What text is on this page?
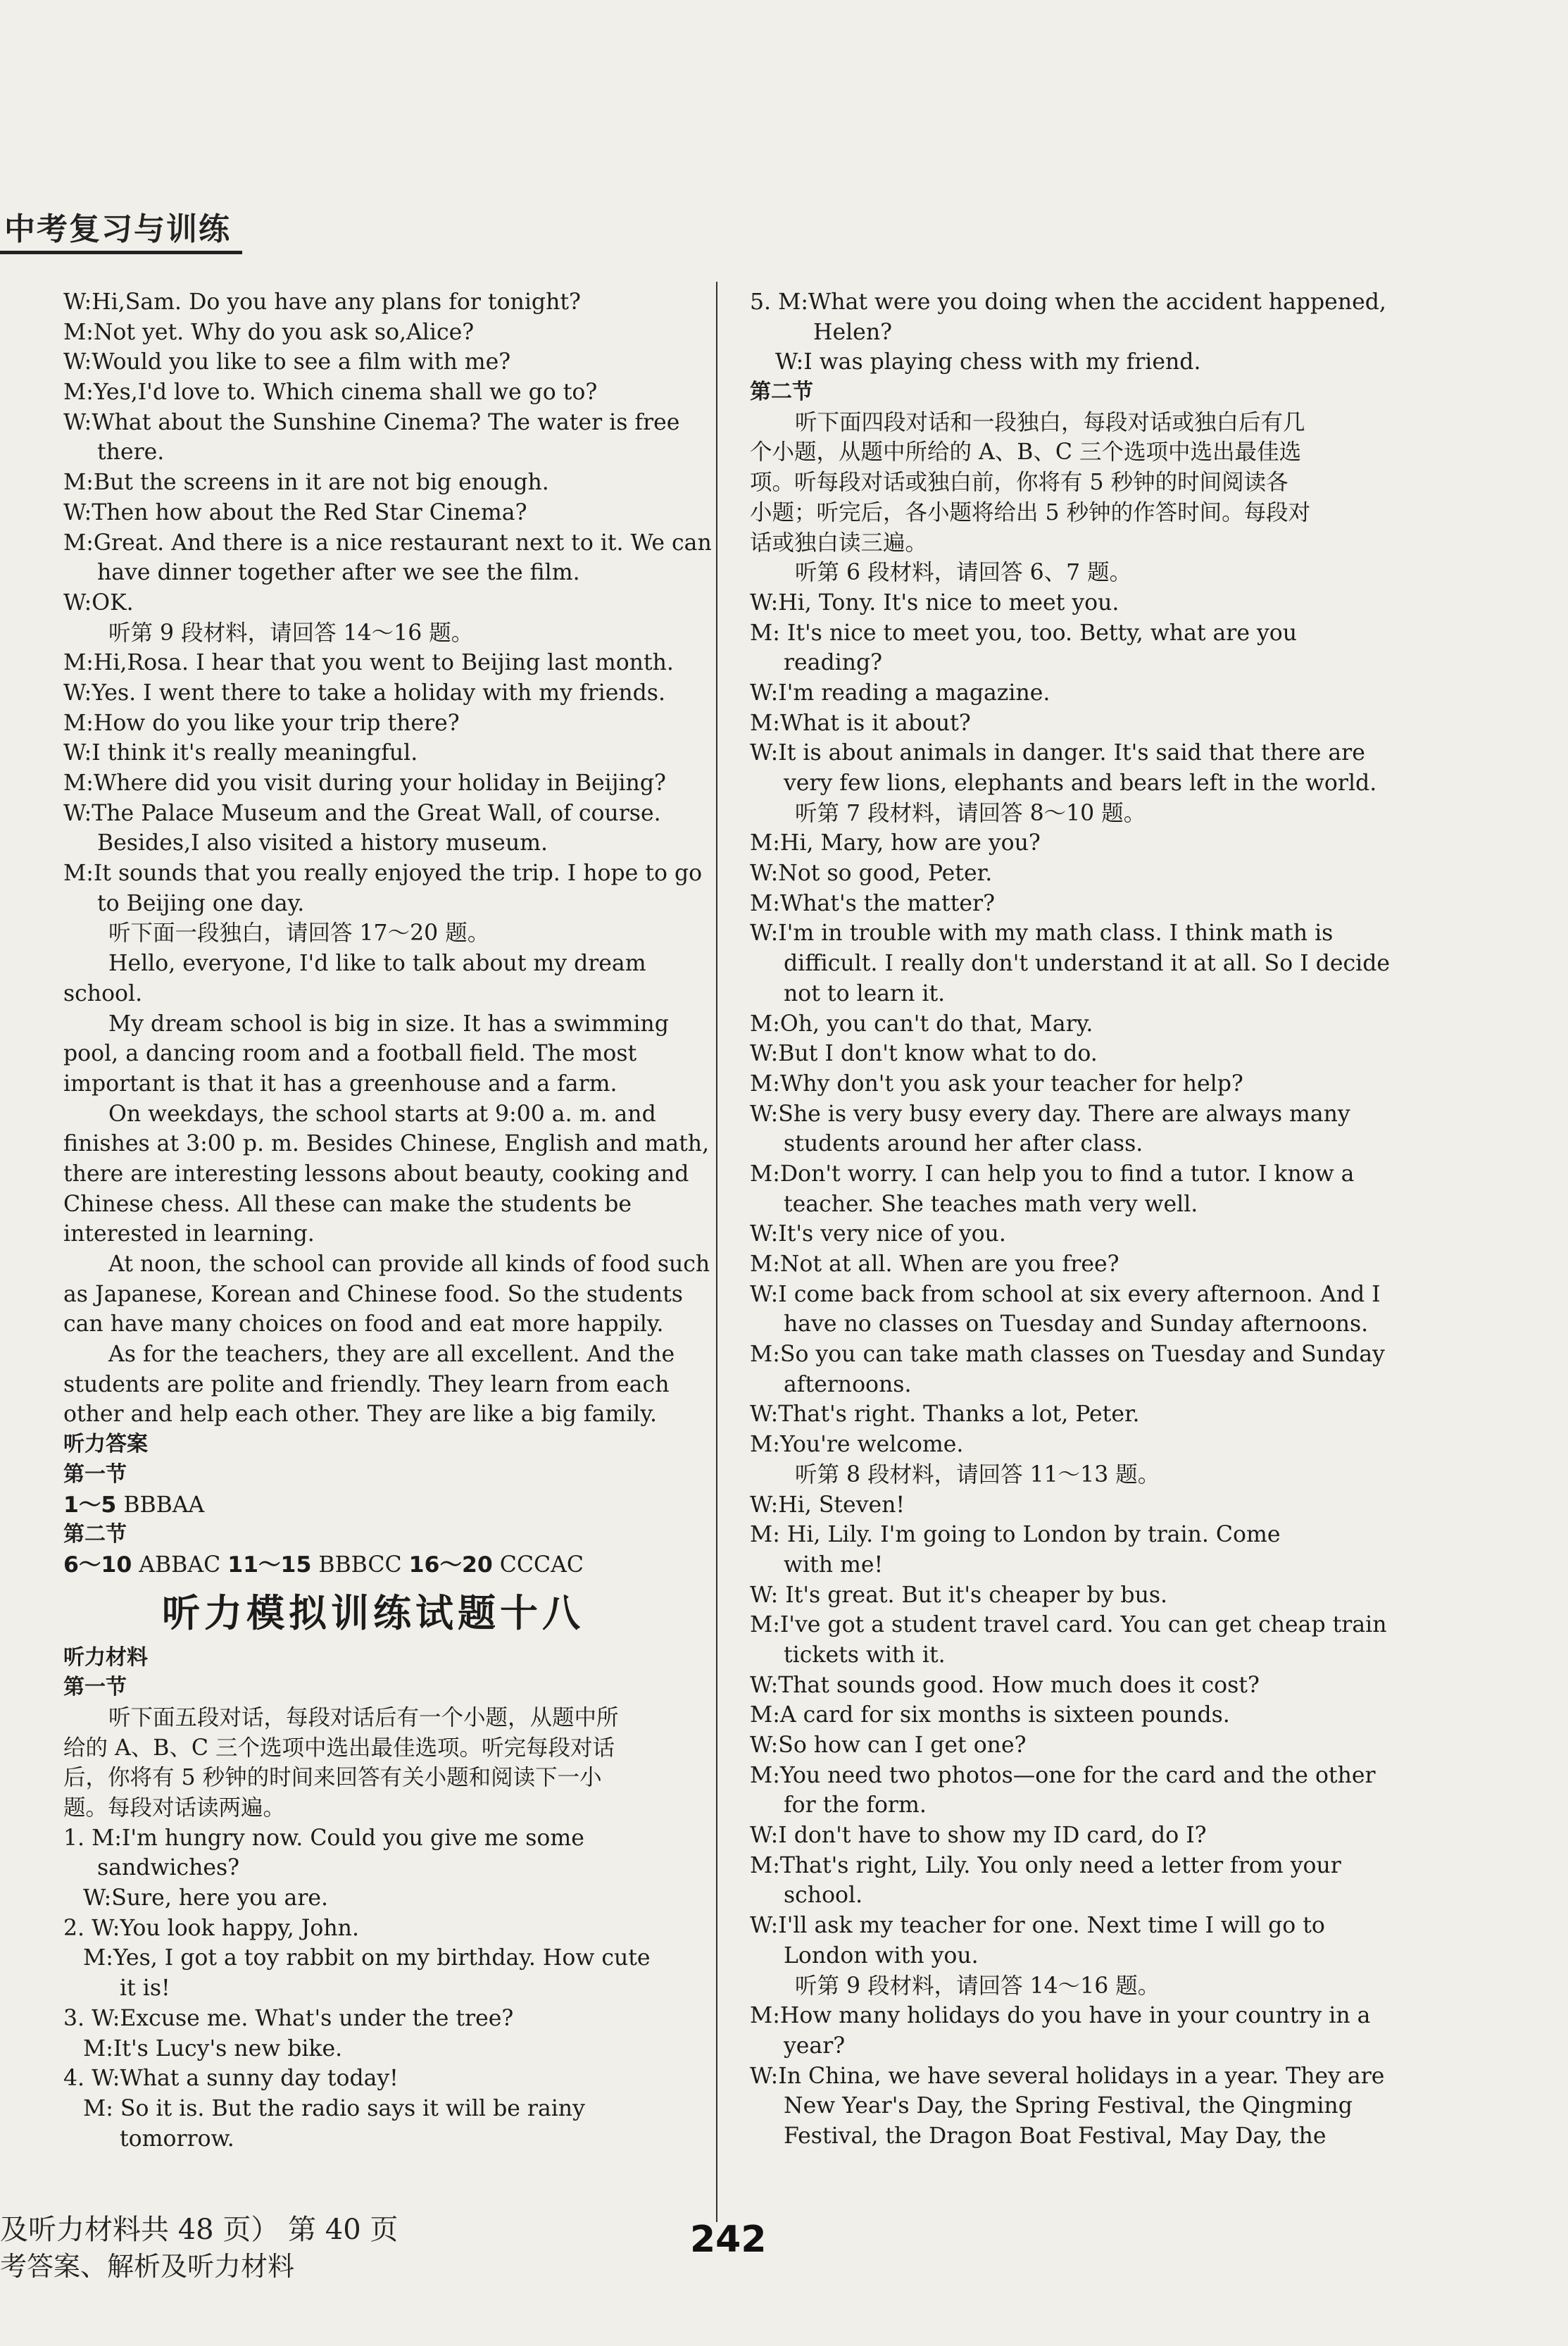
中考复习与训练
W:Hi,Sam. Do you have any plans for tonight?
M:Not yet. Why do you ask so,Alice?
W:Would you like to see a film with me?
M:Yes,I'd love to. Which cinema shall we go to?
W:What about the Sunshine Cinema? The water is free
there.
M:But the screens in it are not big enough.
W:Then how about the Red Star Cinema?
M:Great. And there is a nice restaurant next to it. We can
have dinner together after we see the film.
W:OK.
听第 9 段材料，请回答 14～16 题。
M:Hi,Rosa. I hear that you went to Beijing last month.
W:Yes. I went there to take a holiday with my friends.
M:How do you like your trip there?
W:I think it's really meaningful.
M:Where did you visit during your holiday in Beijing?
W:The Palace Museum and the Great Wall, of course.
Besides,I also visited a history museum.
M:It sounds that you really enjoyed the trip. I hope to go
to Beijing one day.
听下面一段独白，请回答 17～20 题。
Hello, everyone, I'd like to talk about my dream
school.
My dream school is big in size. It has a swimming
pool, a dancing room and a football field. The most
important is that it has a greenhouse and a farm.
On weekdays, the school starts at 9:00 a. m. and
finishes at 3:00 p. m. Besides Chinese, English and math,
there are interesting lessons about beauty, cooking and
Chinese chess. All these can make the students be
interested in learning.
At noon, the school can provide all kinds of food such
as Japanese, Korean and Chinese food. So the students
can have many choices on food and eat more happily.
As for the teachers, they are all excellent. And the
students are polite and friendly. They learn from each
other and help each other. They are like a big family.
听力答案
第一节
1～5 BBBAA
第二节
6～10 ABBAC 11～15 BBBCC 16～20 CCCAC
听力模拟训练试题十八
听力材料
第一节
听下面五段对话，每段对话后有一个小题，从题中所
给的 A、B、C 三个选项中选出最佳选项。听完每段对话
后，你将有 5 秒钟的时间来回答有关小题和阅读下一小
题。每段对话读两遍。
1. M:I'm hungry now. Could you give me some
sandwiches?
W:Sure, here you are.
2. W:You look happy, John.
M:Yes, I got a toy rabbit on my birthday. How cute
it is!
3. W:Excuse me. What's under the tree?
M:It's Lucy's new bike.
4. W:What a sunny day today!
M: So it is. But the radio says it will be rainy
tomorrow.
5. M:What were you doing when the accident happened,
Helen?
W:I was playing chess with my friend.
第二节
听下面四段对话和一段独白，每段对话或独白后有几
个小题，从题中所给的 A、B、C 三个选项中选出最佳选
项。听每段对话或独白前，你将有 5 秒钟的时间阅读各
小题；听完后，各小题将给出 5 秒钟的作答时间。每段对
话或独白读三遍。
听第 6 段材料，请回答 6、7 题。
W:Hi, Tony. It's nice to meet you.
M: It's nice to meet you, too. Betty, what are you
reading?
W:I'm reading a magazine.
M:What is it about?
W:It is about animals in danger. It's said that there are
very few lions, elephants and bears left in the world.
听第 7 段材料，请回答 8～10 题。
M:Hi, Mary, how are you?
W:Not so good, Peter.
M:What's the matter?
W:I'm in trouble with my math class. I think math is
difficult. I really don't understand it at all. So I decide
not to learn it.
M:Oh, you can't do that, Mary.
W:But I don't know what to do.
M:Why don't you ask your teacher for help?
W:She is very busy every day. There are always many
students around her after class.
M:Don't worry. I can help you to find a tutor. I know a
teacher. She teaches math very well.
W:It's very nice of you.
M:Not at all. When are you free?
W:I come back from school at six every afternoon. And I
have no classes on Tuesday and Sunday afternoons.
M:So you can take math classes on Tuesday and Sunday
afternoons.
W:That's right. Thanks a lot, Peter.
M:You're welcome.
听第 8 段材料，请回答 11～13 题。
W:Hi, Steven!
M: Hi, Lily. I'm going to London by train. Come
with me!
W: It's great. But it's cheaper by bus.
M:I've got a student travel card. You can get cheap train
tickets with it.
W:That sounds good. How much does it cost?
M:A card for six months is sixteen pounds.
W:So how can I get one?
M:You need two photos—one for the card and the other
for the form.
W:I don't have to show my ID card, do I?
M:That's right, Lily. You only need a letter from your
school.
W:I'll ask my teacher for one. Next time I will go to
London with you.
听第 9 段材料，请回答 14～16 题。
M:How many holidays do you have in your country in a
year?
W:In China, we have several holidays in a year. They are
New Year's Day, the Spring Festival, the Qingming
Festival, the Dragon Boat Festival, May Day, the
及听力材料共 48 页） 第 40 页
考答案、解析及听力材料
242
